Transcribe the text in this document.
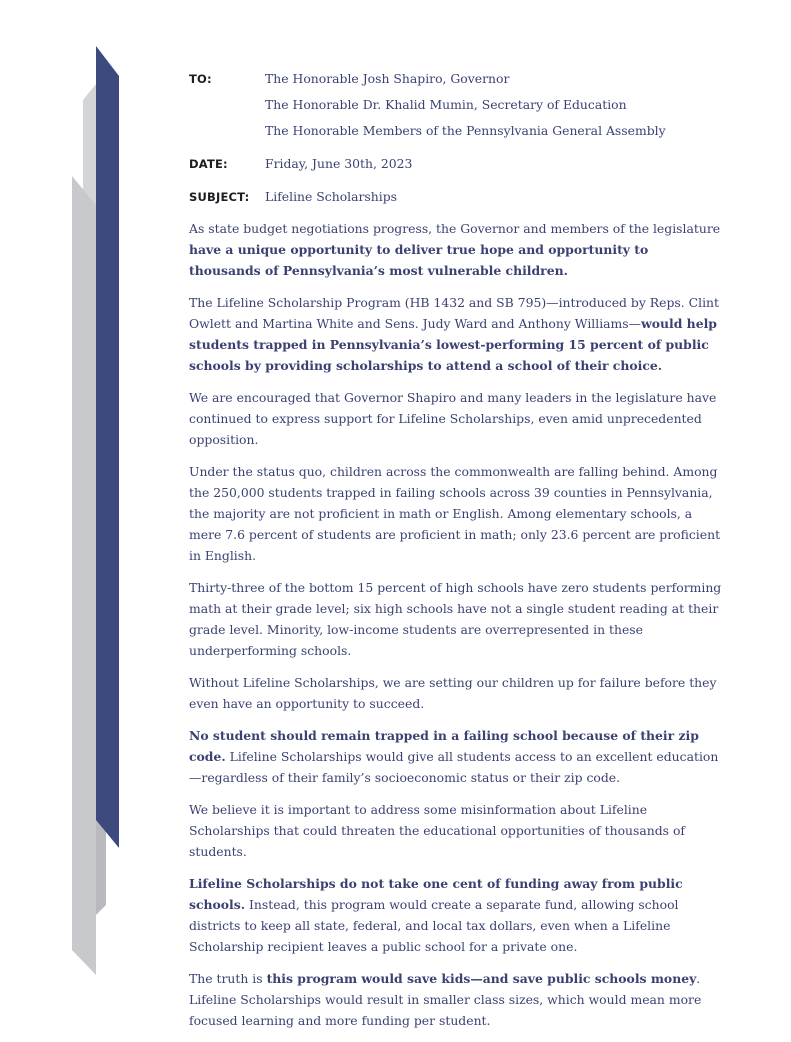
TO:	The Honorable Josh Shapiro, Governor
The Honorable Dr. Khalid Mumin, Secretary of Education
The Honorable Members of the Pennsylvania General Assembly
DATE:	Friday, June 30th, 2023
SUBJECT:	Lifeline Scholarships

As state budget negotiations progress, the Governor and members of the legislature have a unique opportunity to deliver true hope and opportunity to thousands of Pennsylvania’s most vulnerable children.

The Lifeline Scholarship Program (HB 1432 and SB 795)—introduced by Reps. Clint Owlett and Martina White and Sens. Judy Ward and Anthony Williams—would help students trapped in Pennsylvania’s lowest-performing 15 percent of public schools by providing scholarships to attend a school of their choice.

We are encouraged that Governor Shapiro and many leaders in the legislature have continued to express support for Lifeline Scholarships, even amid unprecedented opposition.

Under the status quo, children across the commonwealth are falling behind. Among the 250,000 students trapped in failing schools across 39 counties in Pennsylvania, the majority are not proficient in math or English. Among elementary schools, a mere 7.6 percent of students are proficient in math; only 23.6 percent are proficient in English.

Thirty-three of the bottom 15 percent of high schools have zero students performing math at their grade level; six high schools have not a single student reading at their grade level. Minority, low-income students are overrepresented in these underperforming schools.

Without Lifeline Scholarships, we are setting our children up for failure before they even have an opportunity to succeed.

No student should remain trapped in a failing school because of their zip code. Lifeline Scholarships would give all students access to an excellent education—regardless of their family’s socioeconomic status or their zip code.

We believe it is important to address some misinformation about Lifeline Scholarships that could threaten the educational opportunities of thousands of students.

Lifeline Scholarships do not take one cent of funding away from public schools. Instead, this program would create a separate fund, allowing school districts to keep all state, federal, and local tax dollars, even when a Lifeline Scholarship recipient leaves a public school for a private one.

The truth is this program would save kids—and save public schools money. Lifeline Scholarships would result in smaller class sizes, which would mean more focused learning and more funding per student.
